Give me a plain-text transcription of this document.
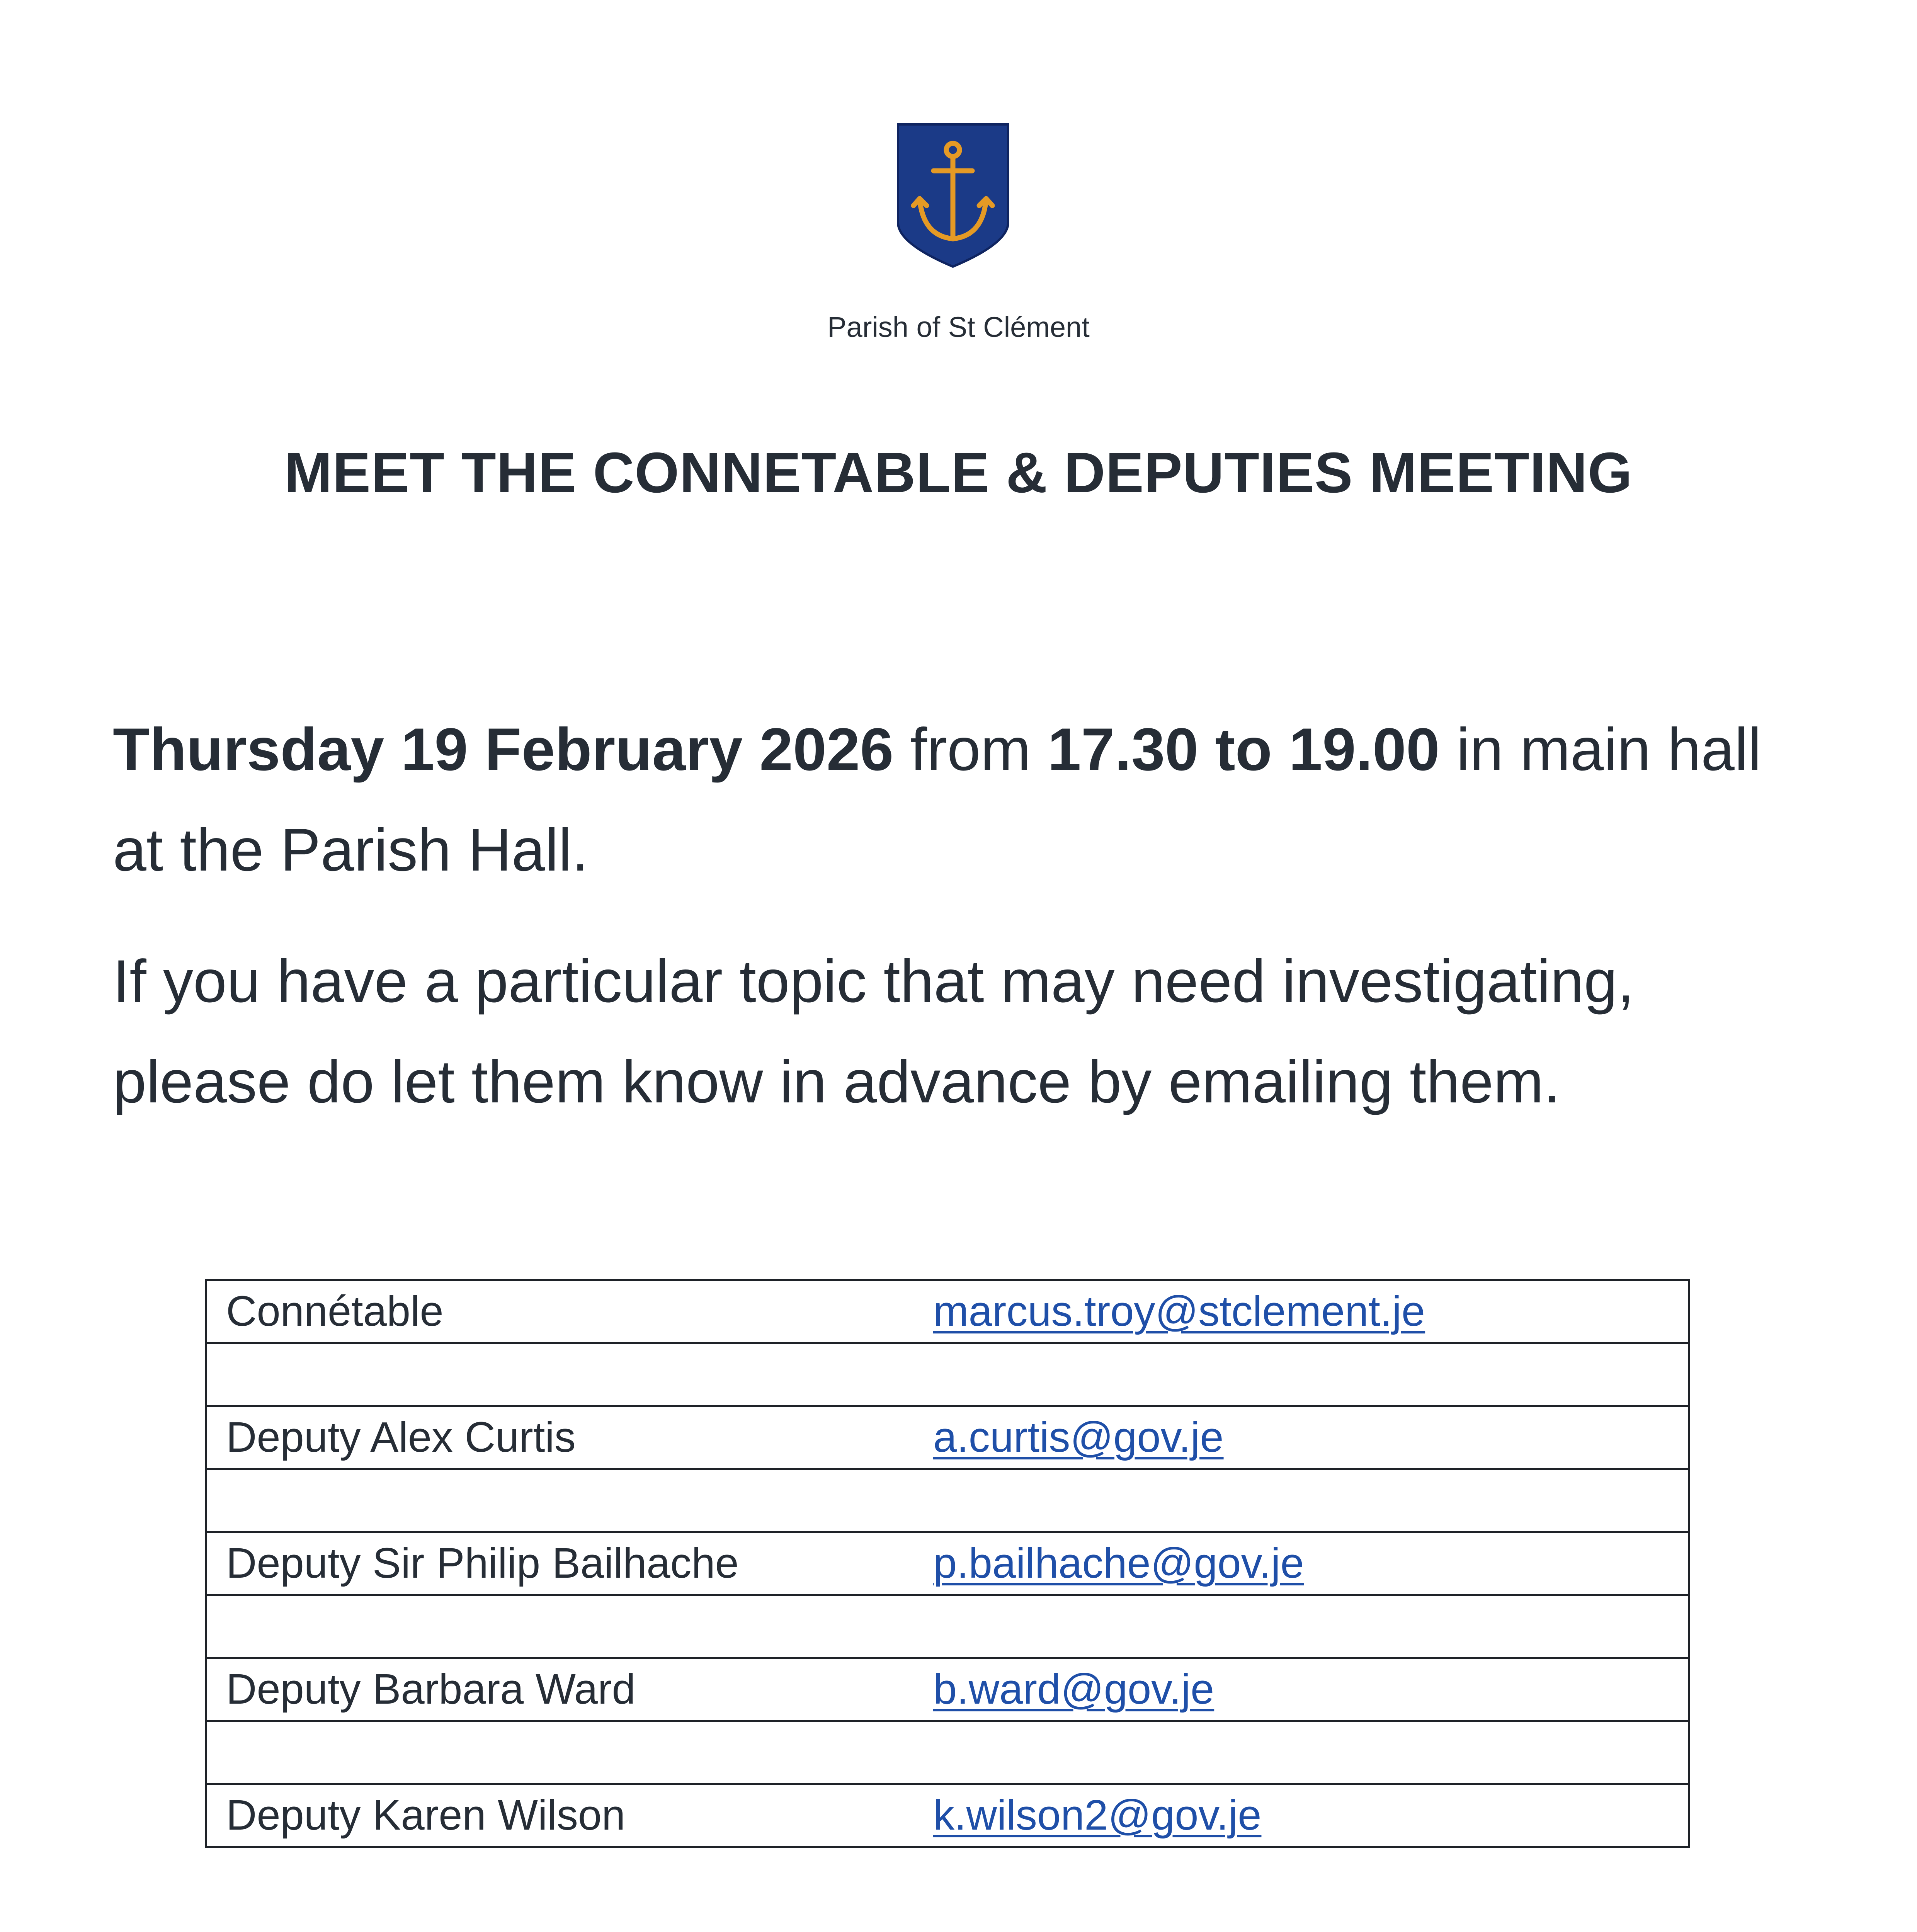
Parish of St Clément
MEET THE CONNETABLE & DEPUTIES MEETING
Thursday 19 February 2026 from 17.30 to 19.00 in main hall at the Parish Hall.
If you have a particular topic that may need investigating, please do let them know in advance by emailing them.
Connétable	marcus.troy@stclement.je

Deputy Alex Curtis	a.curtis@gov.je

Deputy Sir Philip Bailhache	p.bailhache@gov.je

Deputy Barbara Ward	b.ward@gov.je

Deputy Karen Wilson	k.wilson2@gov.je
